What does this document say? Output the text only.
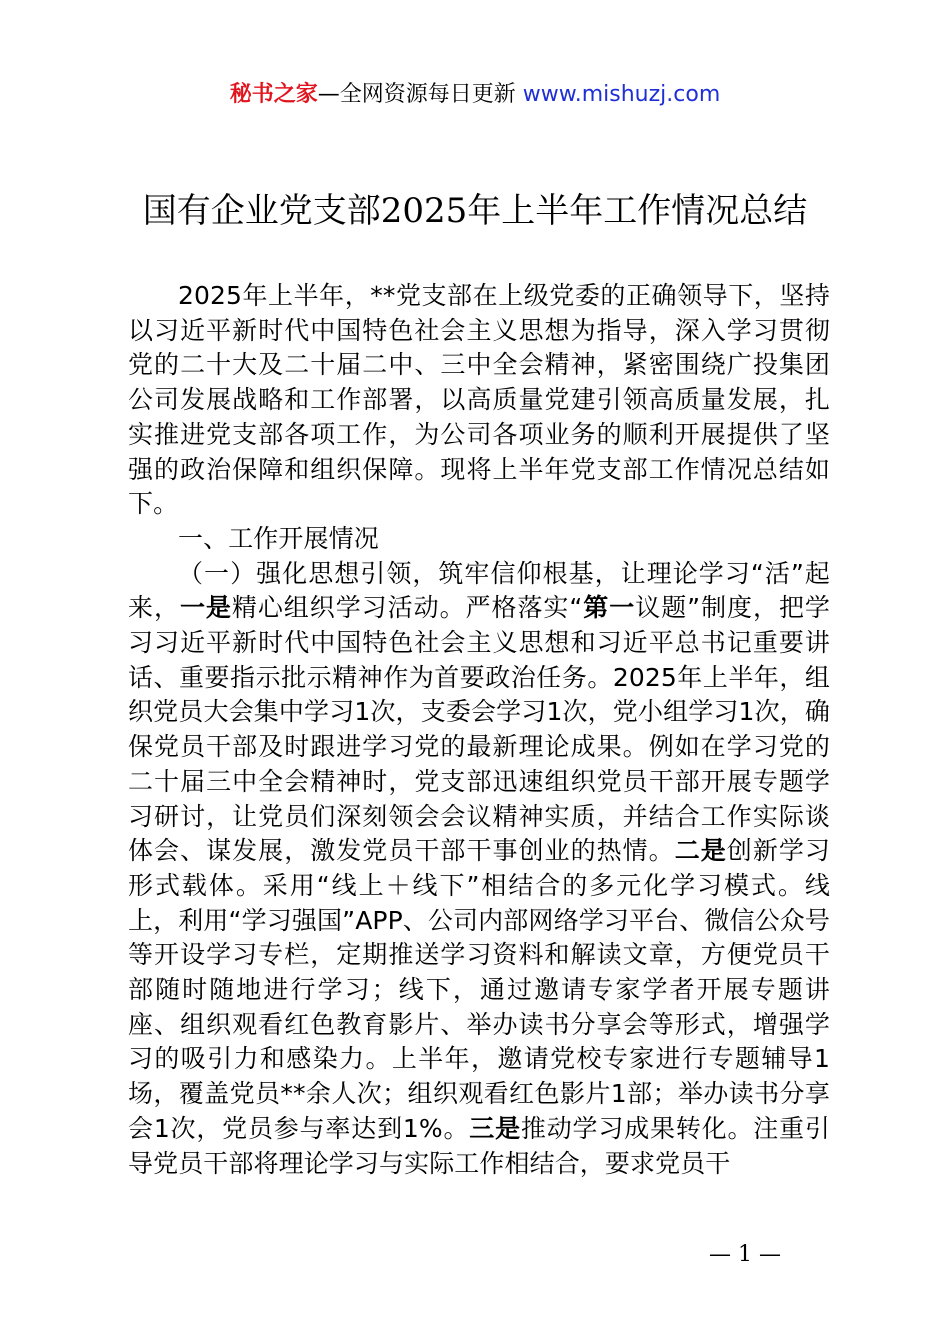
秘书之家—全网资源每日更新 www.mishuzj.com
国有企业党支部2025年上半年工作情况总结

2025年上半年，**党支部在上级党委的正确领导下，坚持以习近平新时代中国特色社会主义思想为指导，深入学习贯彻党的二十大及二十届二中、三中全会精神，紧密围绕广投集团公司发展战略和工作部署，以高质量党建引领高质量发展，扎实推进党支部各项工作，为公司各项业务的顺利开展提供了坚强的政治保障和组织保障。现将上半年党支部工作情况总结如下。

一、工作开展情况

（一）强化思想引领，筑牢信仰根基，让理论学习“活”起来，一是精心组织学习活动。严格落实“第一议题”制度，把学习习近平新时代中国特色社会主义思想和习近平总书记重要讲话、重要指示批示精神作为首要政治任务。2025年上半年，组织党员大会集中学习1次，支委会学习1次，党小组学习1次，确保党员干部及时跟进学习党的最新理论成果。例如在学习党的二十届三中全会精神时，党支部迅速组织党员干部开展专题学习研讨，让党员们深刻领会会议精神实质，并结合工作实际谈体会、谋发展，激发党员干部干事创业的热情。二是创新学习形式载体。采用“线上＋线下”相结合的多元化学习模式。线上，利用“学习强国”APP、公司内部网络学习平台、微信公众号等开设学习专栏，定期推送学习资料和解读文章，方便党员干部随时随地进行学习；线下，通过邀请专家学者开展专题讲座、组织观看红色教育影片、举办读书分享会等形式，增强学习的吸引力和感染力。上半年，邀请党校专家进行专题辅导1场，覆盖党员**余人次；组织观看红色影片1部；举办读书分享会1次，党员参与率达到1%。三是推动学习成果转化。注重引导党员干部将理论学习与实际工作相结合，要求党员干

— 1 —
